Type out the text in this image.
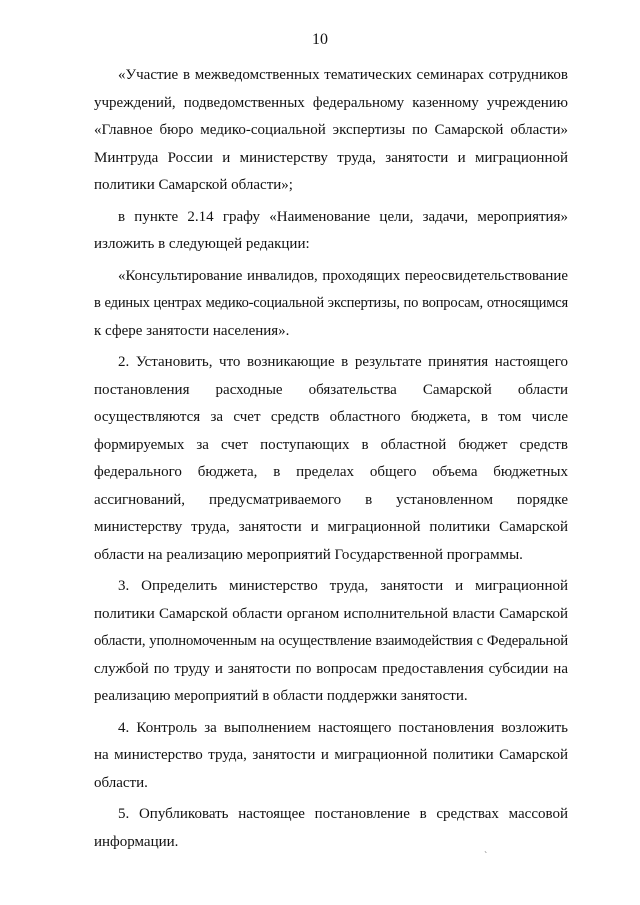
10

«Участие в межведомственных тематических семинарах сотрудников
учреждений, подведомственных федеральному казенному учреждению
«Главное бюро медико-социальной экспертизы по Самарской области»
Минтруда России и министерству труда, занятости и миграционной
политики Самарской области»;

в пункте 2.14 графу «Наименование цели, задачи, мероприятия»
изложить в следующей редакции:

«Консультирование инвалидов, проходящих переосвидетельствование
в единых центрах медико-социальной экспертизы, по вопросам, относящимся
к сфере занятости населения».

2. Установить, что возникающие в результате принятия настоящего
постановления расходные обязательства Самарской области
осуществляются за счет средств областного бюджета, в том числе
формируемых за счет поступающих в областной бюджет средств
федерального бюджета, в пределах общего объема бюджетных
ассигнований, предусматриваемого в установленном порядке
министерству труда, занятости и миграционной политики Самарской
области на реализацию мероприятий Государственной программы.

3. Определить министерство труда, занятости и миграционной
политики Самарской области органом исполнительной власти Самарской
области, уполномоченным на осуществление взаимодействия с Федеральной
службой по труду и занятости по вопросам предоставления субсидии на
реализацию мероприятий в области поддержки занятости.

4. Контроль за выполнением настоящего постановления возложить
на министерство труда, занятости и миграционной политики Самарской
области.

5. Опубликовать настоящее постановление в средствах массовой
информации.

`
